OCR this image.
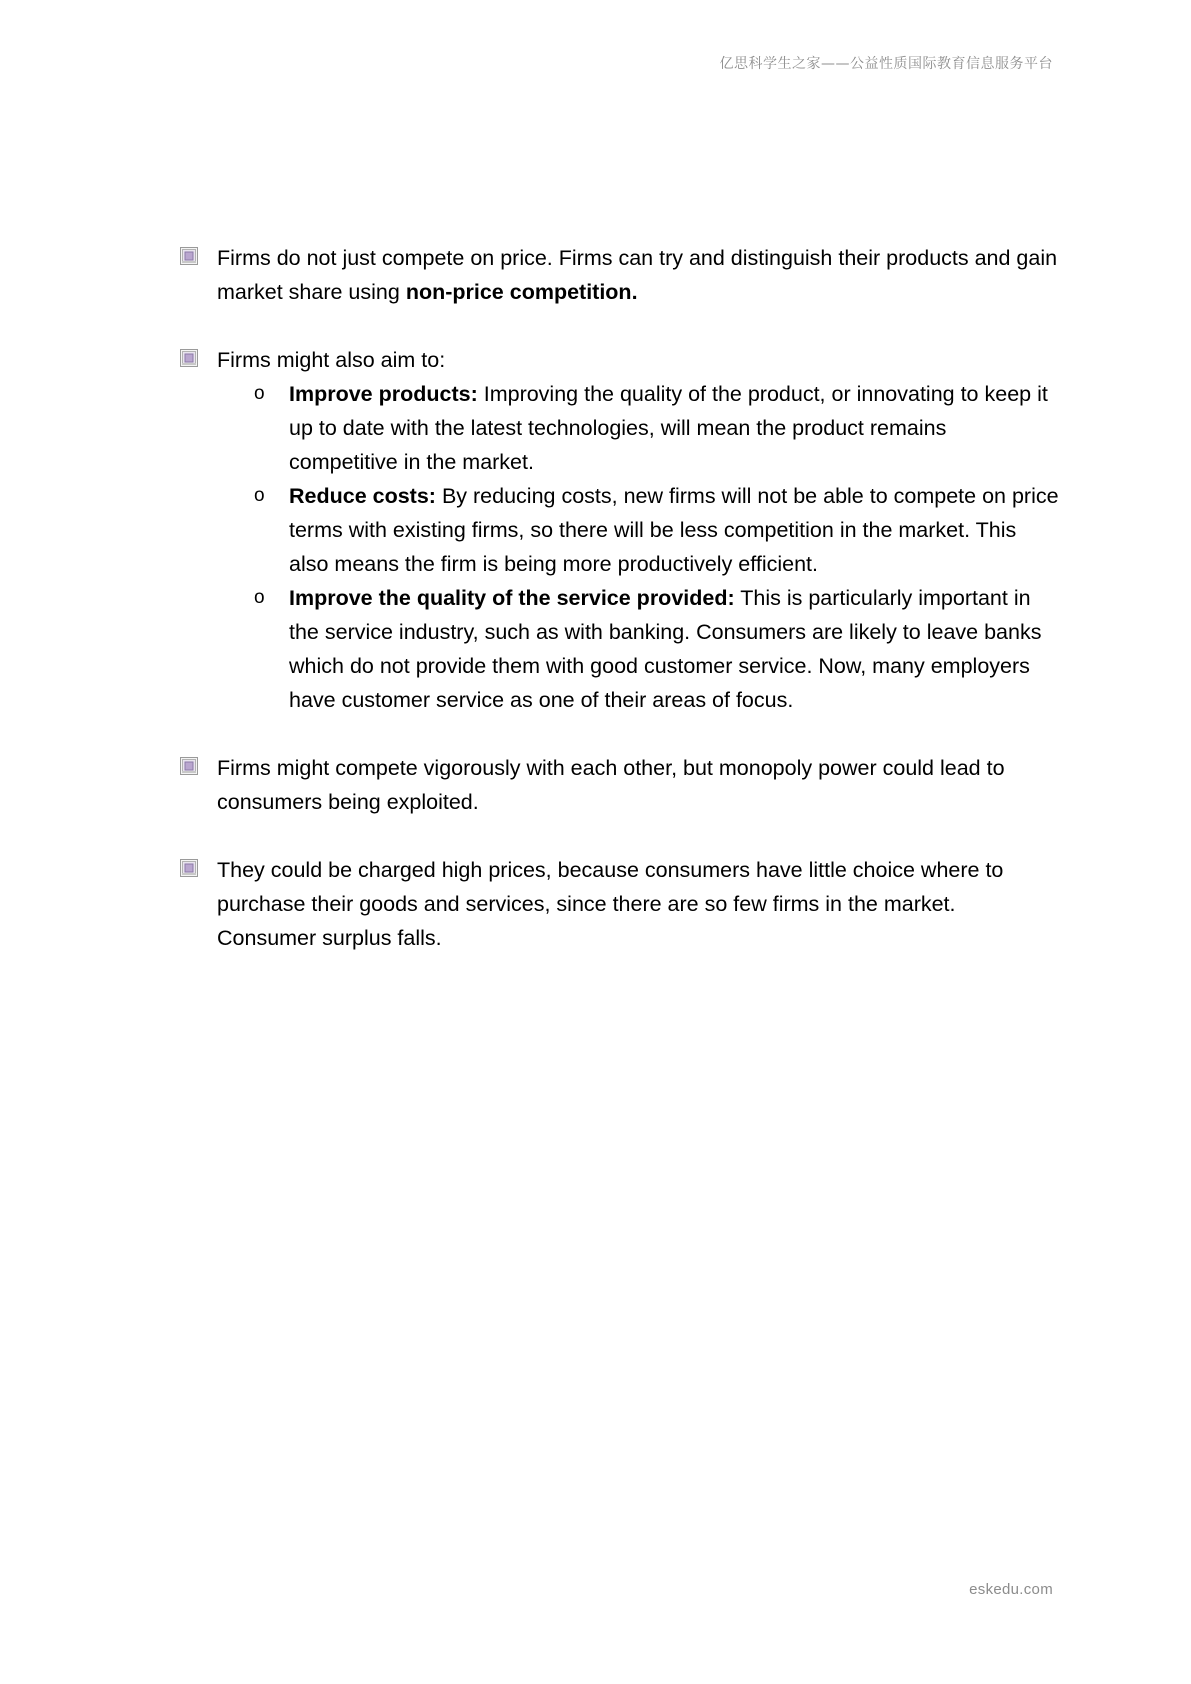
亿思科学生之家——公益性质国际教育信息服务平台
Firms do not just compete on price. Firms can try and distinguish their products and gain market share using non-price competition.
Firms might also aim to:
o Improve products: Improving the quality of the product, or innovating to keep it up to date with the latest technologies, will mean the product remains competitive in the market.
o Reduce costs: By reducing costs, new firms will not be able to compete on price terms with existing firms, so there will be less competition in the market. This also means the firm is being more productively efficient.
o Improve the quality of the service provided: This is particularly important in the service industry, such as with banking. Consumers are likely to leave banks which do not provide them with good customer service. Now, many employers have customer service as one of their areas of focus.
Firms might compete vigorously with each other, but monopoly power could lead to consumers being exploited.
They could be charged high prices, because consumers have little choice where to purchase their goods and services, since there are so few firms in the market. Consumer surplus falls.
eskedu.com
